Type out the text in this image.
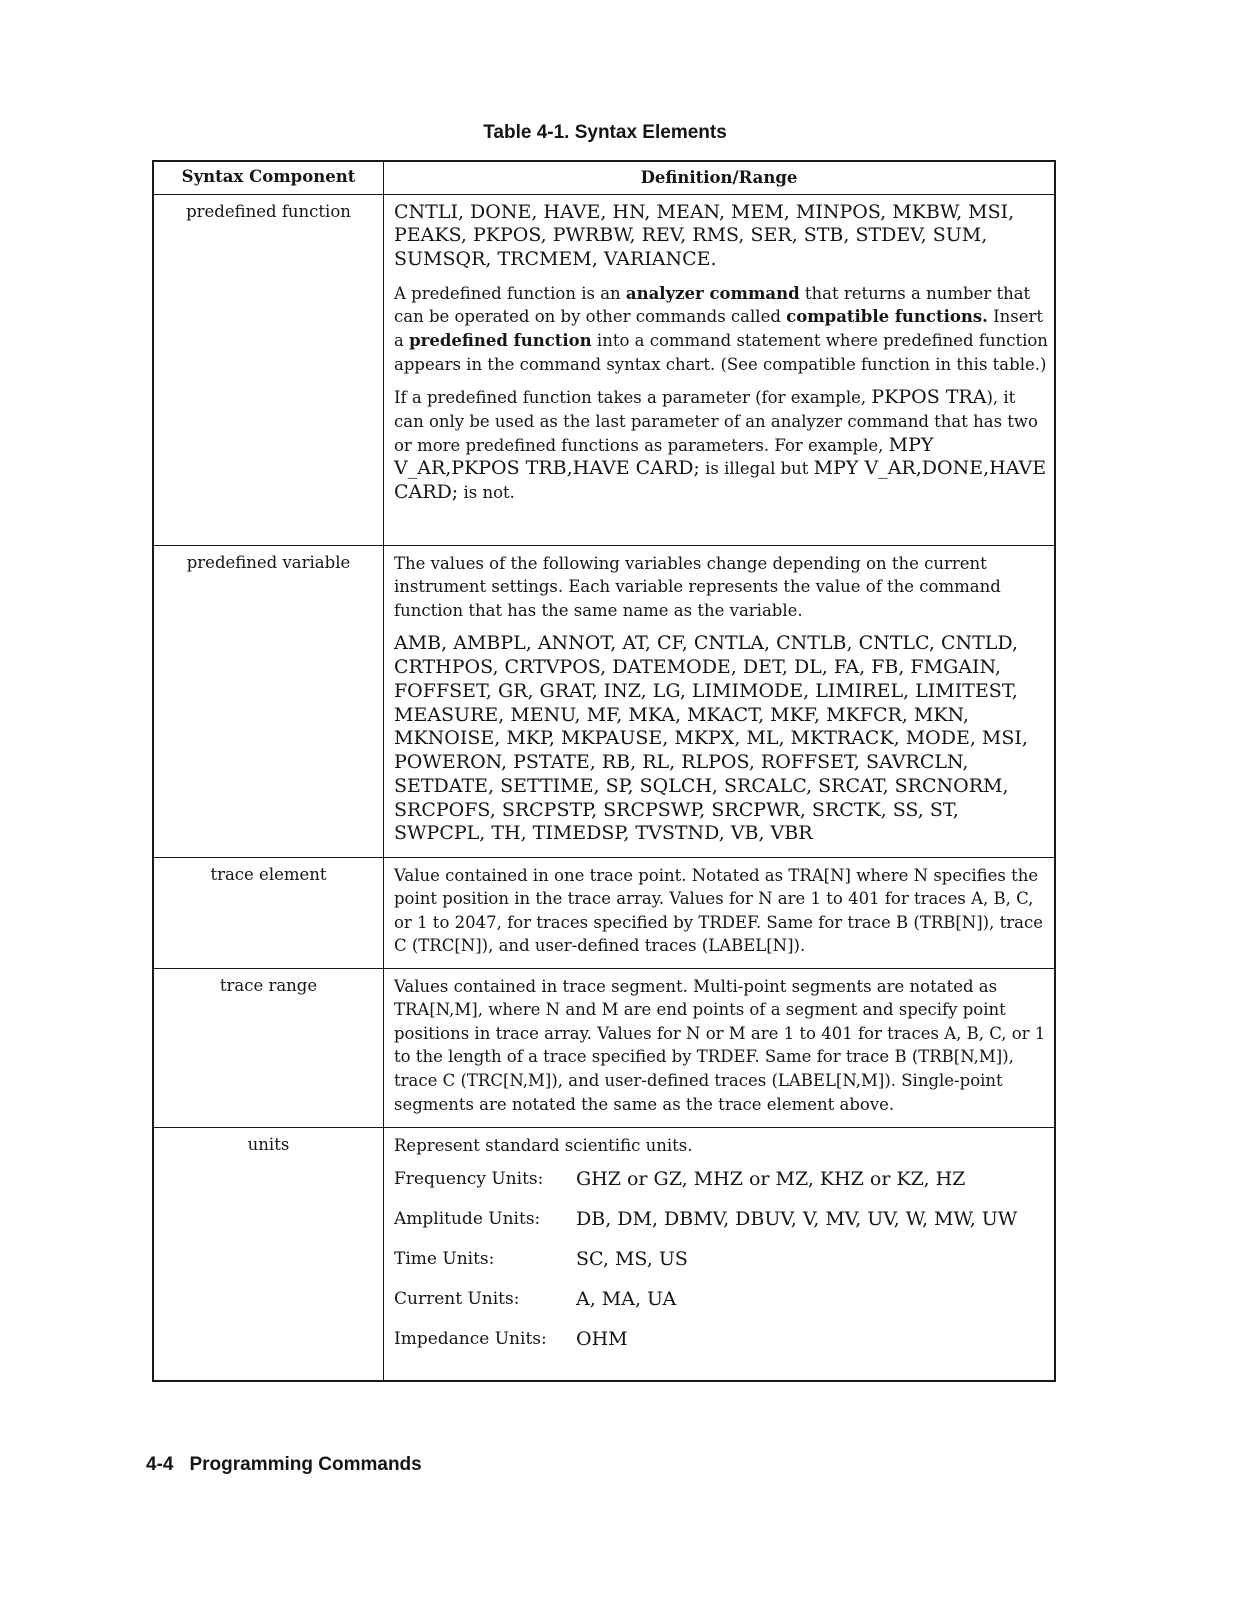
Table 4-1. Syntax Elements
Syntax Component	Definition/Range
predefined function	CNTLI, DONE, HAVE, HN, MEAN, MEM, MINPOS, MKBW, MSI, PEAKS, PKPOS, PWRBW, REV, RMS, SER, STB, STDEV, SUM, SUMSQR, TRCMEM, VARIANCE.

A predefined function is an analyzer command that returns a number that can be operated on by other commands called compatible functions. Insert a predefined function into a command statement where predefined function appears in the command syntax chart. (See compatible function in this table.)

If a predefined function takes a parameter (for example, PKPOS TRA), it can only be used as the last parameter of an analyzer command that has two or more predefined functions as parameters. For example, MPY V_AR,PKPOS TRB,HAVE CARD; is illegal but MPY V_AR,DONE,HAVE CARD; is not.

predefined variable	The values of the following variables change depending on the current instrument settings. Each variable represents the value of the command function that has the same name as the variable.

AMB, AMBPL, ANNOT, AT, CF, CNTLA, CNTLB, CNTLC, CNTLD, CRTHPOS, CRTVPOS, DATEMODE, DET, DL, FA, FB, FMGAIN, FOFFSET, GR, GRAT, INZ, LG, LIMIMODE, LIMIREL, LIMITEST, MEASURE, MENU, MF, MKA, MKACT, MKF, MKFCR, MKN, MKNOISE, MKP, MKPAUSE, MKPX, ML, MKTRACK, MODE, MSI, POWERON, PSTATE, RB, RL, RLPOS, ROFFSET, SAVRCLN, SETDATE, SETTIME, SP, SQLCH, SRCALC, SRCAT, SRCNORM, SRCPOFS, SRCPSTP, SRCPSWP, SRCPWR, SRCTK, SS, ST, SWPCPL, TH, TIMEDSP, TVSTND, VB, VBR

trace element	Value contained in one trace point. Notated as TRA[N] where N specifies the point position in the trace array. Values for N are 1 to 401 for traces A, B, C, or 1 to 2047, for traces specified by TRDEF. Same for trace B (TRB[N]), trace C (TRC[N]), and user-defined traces (LABEL[N]).
trace range	Values contained in trace segment. Multi-point segments are notated as TRA[N,M], where N and M are end points of a segment and specify point positions in trace array. Values for N or M are 1 to 401 for traces A, B, C, or 1 to the length of a trace specified by TRDEF. Same for trace B (TRB[N,M]), trace C (TRC[N,M]), and user-defined traces (LABEL[N,M]). Single-point segments are notated the same as the trace element above.
units	Represent standard scientific units.

Frequency Units:	GHZ or GZ, MHZ or MZ, KHZ or KZ, HZ
Amplitude Units:	DB, DM, DBMV, DBUV, V, MV, UV, W, MW, UW
Time Units:	SC, MS, US
Current Units:	A, MA, UA
Impedance Units:	OHM
4-4 Programming Commands
